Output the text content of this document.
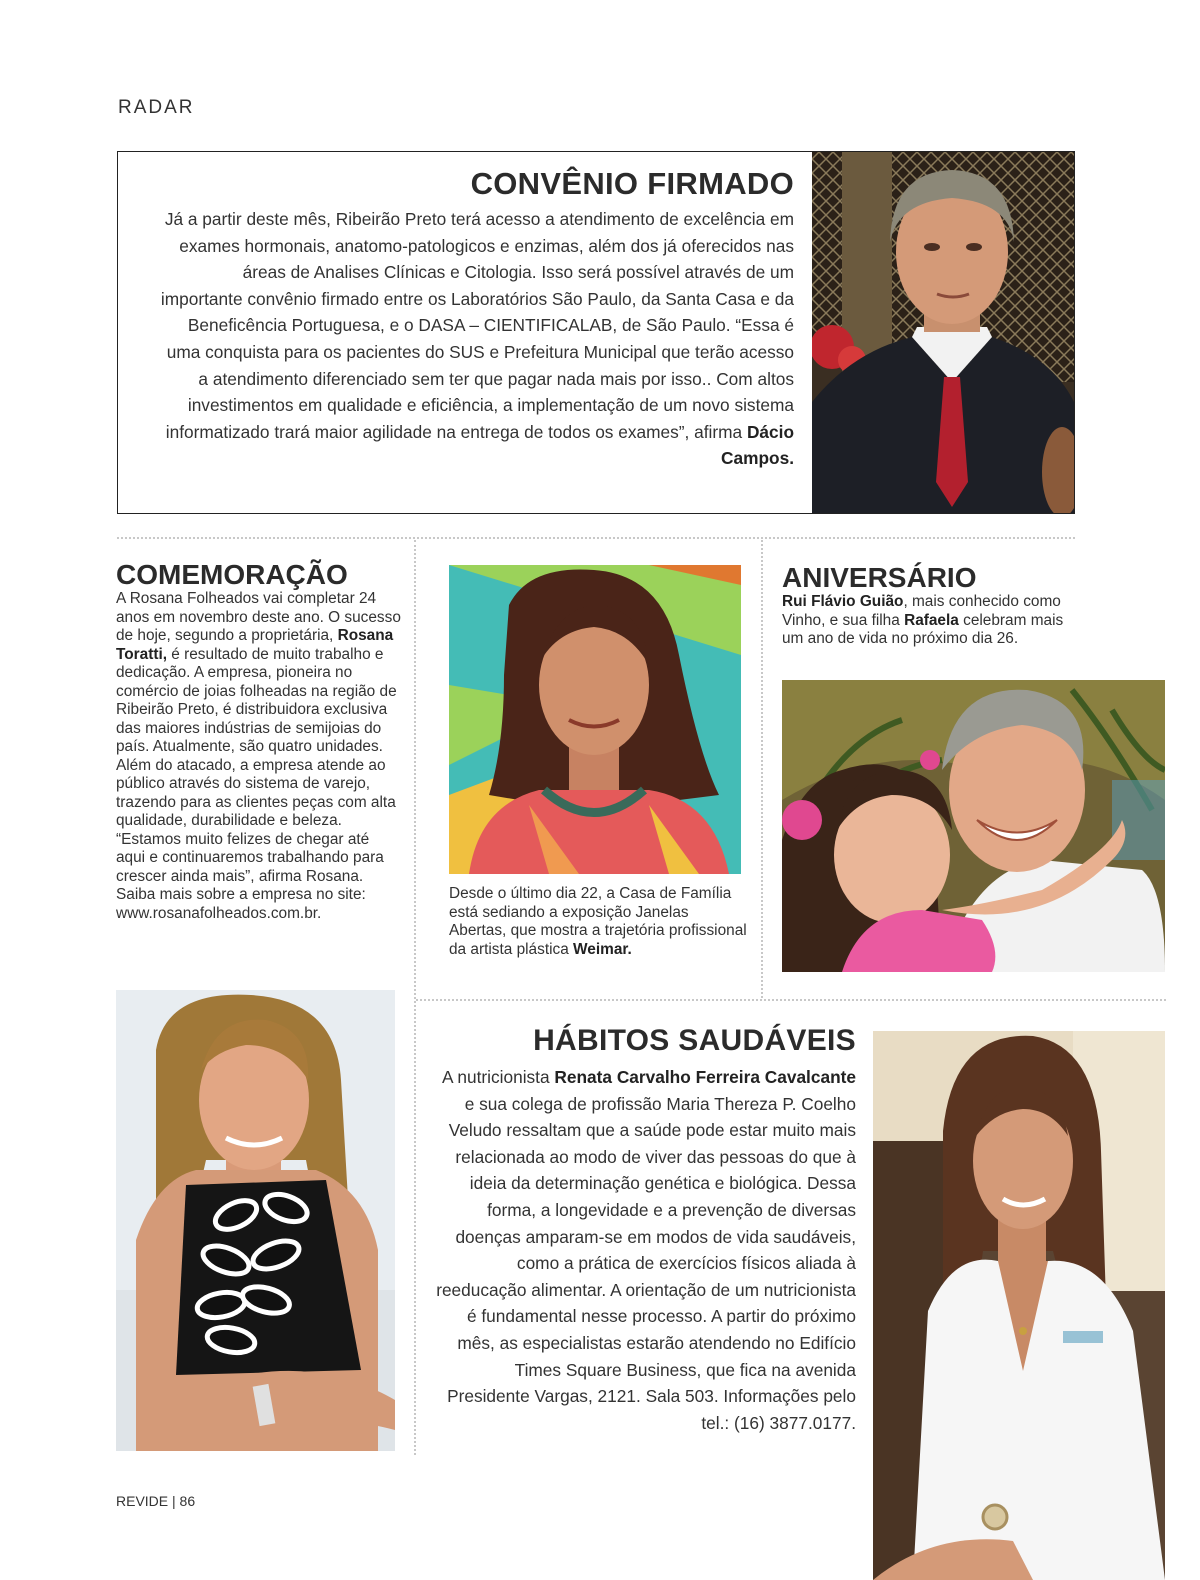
RADAR
CONVÊNIO FIRMADO
Já a partir deste mês, Ribeirão Preto terá acesso a atendimento de excelência em exames hormonais, anatomo-patologicos e enzimas, além dos já oferecidos nas áreas de Analises Clínicas e Citologia. Isso será possível através de um importante convênio firmado entre os Laboratórios São Paulo, da Santa Casa e da Beneficência Portuguesa, e o DASA – CIENTIFICALAB, de São Paulo. “Essa é uma conquista para os pacientes do SUS e Prefeitura Municipal que terão acesso a atendimento diferenciado sem ter que pagar nada mais por isso.. Com altos investimentos em qualidade e eficiência, a implementação de um novo sistema informatizado trará maior agilidade na entrega de todos os exames”, afirma Dácio Campos.
COMEMORAÇÃO
A Rosana Folheados vai completar 24 anos em novembro deste ano. O sucesso de hoje, segundo a proprietária, Rosana Toratti, é resultado de muito trabalho e dedicação. A empresa, pioneira no comércio de joias folheadas na região de Ribeirão Preto, é distribuidora exclusiva das maiores indústrias de semijoias do país. Atualmente, são quatro unidades. Além do atacado, a empresa atende ao público através do sistema de varejo, trazendo para as clientes peças com alta qualidade, durabilidade e beleza. “Estamos muito felizes de chegar até aqui e continuaremos trabalhando para crescer ainda mais”, afirma Rosana. Saiba mais sobre a empresa no site: www.rosanafolheados.com.br.
Desde o último dia 22, a Casa de Família está sediando a exposição Janelas Abertas, que mostra a trajetória profissional da artista plástica Weimar.
ANIVERSÁRIO
Rui Flávio Guião, mais conhecido como Vinho, e sua filha Rafaela celebram mais um ano de vida no próximo dia 26.
HÁBITOS SAUDÁVEIS
A nutricionista Renata Carvalho Ferreira Cavalcante e sua colega de profissão Maria Thereza P. Coelho Veludo ressaltam que a saúde pode estar muito mais relacionada ao modo de viver das pessoas do que à ideia da determinação genética e biológica. Dessa forma, a longevidade e a prevenção de diversas doenças amparam-se em modos de vida saudáveis, como a prática de exercícios físicos aliada à reeducação alimentar. A orientação de um nutricionista é fundamental nesse processo. A partir do próximo mês, as especialistas estarão atendendo no Edifício Times Square Business, que fica na avenida Presidente Vargas, 2121. Sala 503. Informações pelo tel.: (16) 3877.0177.
REVIDE | 86
